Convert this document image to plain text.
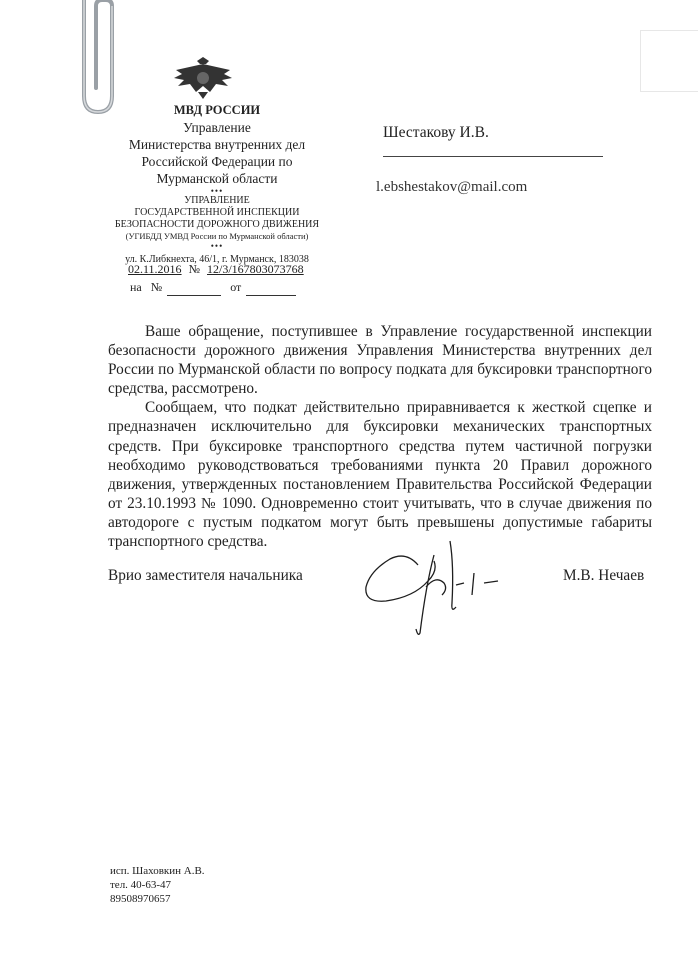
МВД РОССИИ
Управление
Министерства внутренних дел
Российской Федерации по
Мурманской области
•••
УПРАВЛЕНИЕ
ГОСУДАРСТВЕННОЙ ИНСПЕКЦИИ
БЕЗОПАСНОСТИ ДОРОЖНОГО ДВИЖЕНИЯ
(УГИБДД УМВД России по Мурманской области)
•••
ул. К.Либкнехта, 46/1, г. Мурманск, 183038
02.11.2016 № 12/3/167803073768
на №	от
Шестакову И.В.
l.ebshestakov@mail.com

Ваше обращение, поступившее в Управление государственной инспекции безопасности дорожного движения Управления Министерства внутренних дел России по Мурманской области по вопросу подката для буксировки транспортного средства, рассмотрено.

Сообщаем, что подкат действительно приравнивается к жесткой сцепке и предназначен исключительно для буксировки механических транспортных средств. При буксировке транспортного средства путем частичной погрузки необходимо руководствоваться требованиями пункта 20 Правил дорожного движения, утвержденных постановлением Правительства Российской Федерации от 23.10.1993 № 1090. Одновременно стоит учитывать, что в случае движения по автодороге с пустым подкатом могут быть превышены допустимые габариты транспортного средства.

Врио заместителя начальника	М.В. Нечаев
исп. Шаховкин А.В.
тел. 40-63-47
89508970657
